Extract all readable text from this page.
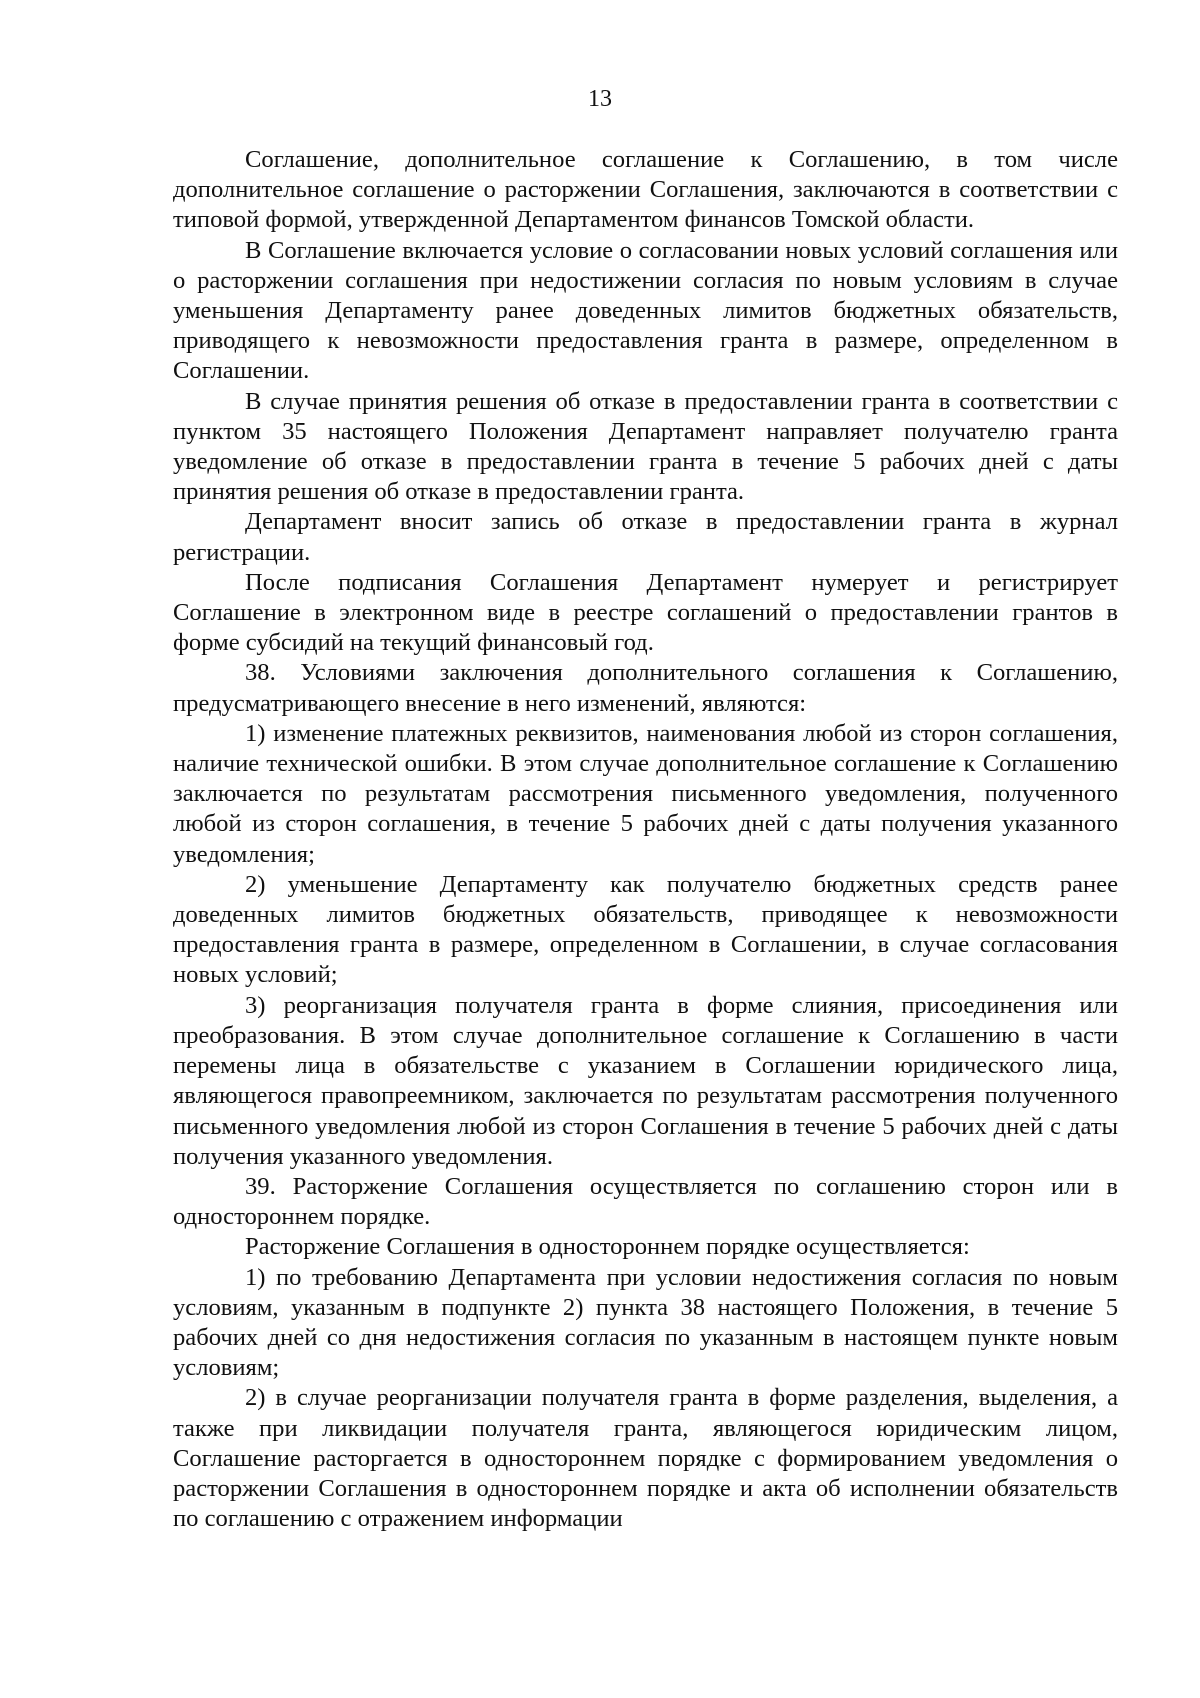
13

Соглашение, дополнительное соглашение к Соглашению, в том числе дополнительное соглашение о расторжении Соглашения, заключаются в соответствии с типовой формой, утвержденной Департаментом финансов Томской области.

В Соглашение включается условие о согласовании новых условий соглашения или о расторжении соглашения при недостижении согласия по новым условиям в случае уменьшения Департаменту ранее доведенных лимитов бюджетных обязательств, приводящего к невозможности предоставления гранта в размере, определенном в Соглашении.

В случае принятия решения об отказе в предоставлении гранта в соответствии с пунктом 35 настоящего Положения Департамент направляет получателю гранта уведомление об отказе в предоставлении гранта в течение 5 рабочих дней с даты принятия решения об отказе в предоставлении гранта.

Департамент вносит запись об отказе в предоставлении гранта в журнал регистрации.

После подписания Соглашения Департамент нумерует и регистрирует Соглашение в электронном виде в реестре соглашений о предоставлении грантов в форме субсидий на текущий финансовый год.

38. Условиями заключения дополнительного соглашения к Соглашению, предусматривающего внесение в него изменений, являются:

1) изменение платежных реквизитов, наименования любой из сторон соглашения, наличие технической ошибки. В этом случае дополнительное соглашение к Соглашению заключается по результатам рассмотрения письменного уведомления, полученного любой из сторон соглашения, в течение 5 рабочих дней с даты получения указанного уведомления;

2) уменьшение Департаменту как получателю бюджетных средств ранее доведенных лимитов бюджетных обязательств, приводящее к невозможности предоставления гранта в размере, определенном в Соглашении, в случае согласования новых условий;

3) реорганизация получателя гранта в форме слияния, присоединения или преобразования. В этом случае дополнительное соглашение к Соглашению в части перемены лица в обязательстве с указанием в Соглашении юридического лица, являющегося правопреемником, заключается по результатам рассмотрения полученного письменного уведомления любой из сторон Соглашения в течение 5 рабочих дней с даты получения указанного уведомления.

39. Расторжение Соглашения осуществляется по соглашению сторон или в одностороннем порядке.

Расторжение Соглашения в одностороннем порядке осуществляется:

1) по требованию Департамента при условии недостижения согласия по новым условиям, указанным в подпункте 2) пункта 38 настоящего Положения, в течение 5 рабочих дней со дня недостижения согласия по указанным в настоящем пункте новым условиям;

2) в случае реорганизации получателя гранта в форме разделения, выделения, а также при ликвидации получателя гранта, являющегося юридическим лицом, Соглашение расторгается в одностороннем порядке с формированием уведомления о расторжении Соглашения в одностороннем порядке и акта об исполнении обязательств по соглашению с отражением информации
